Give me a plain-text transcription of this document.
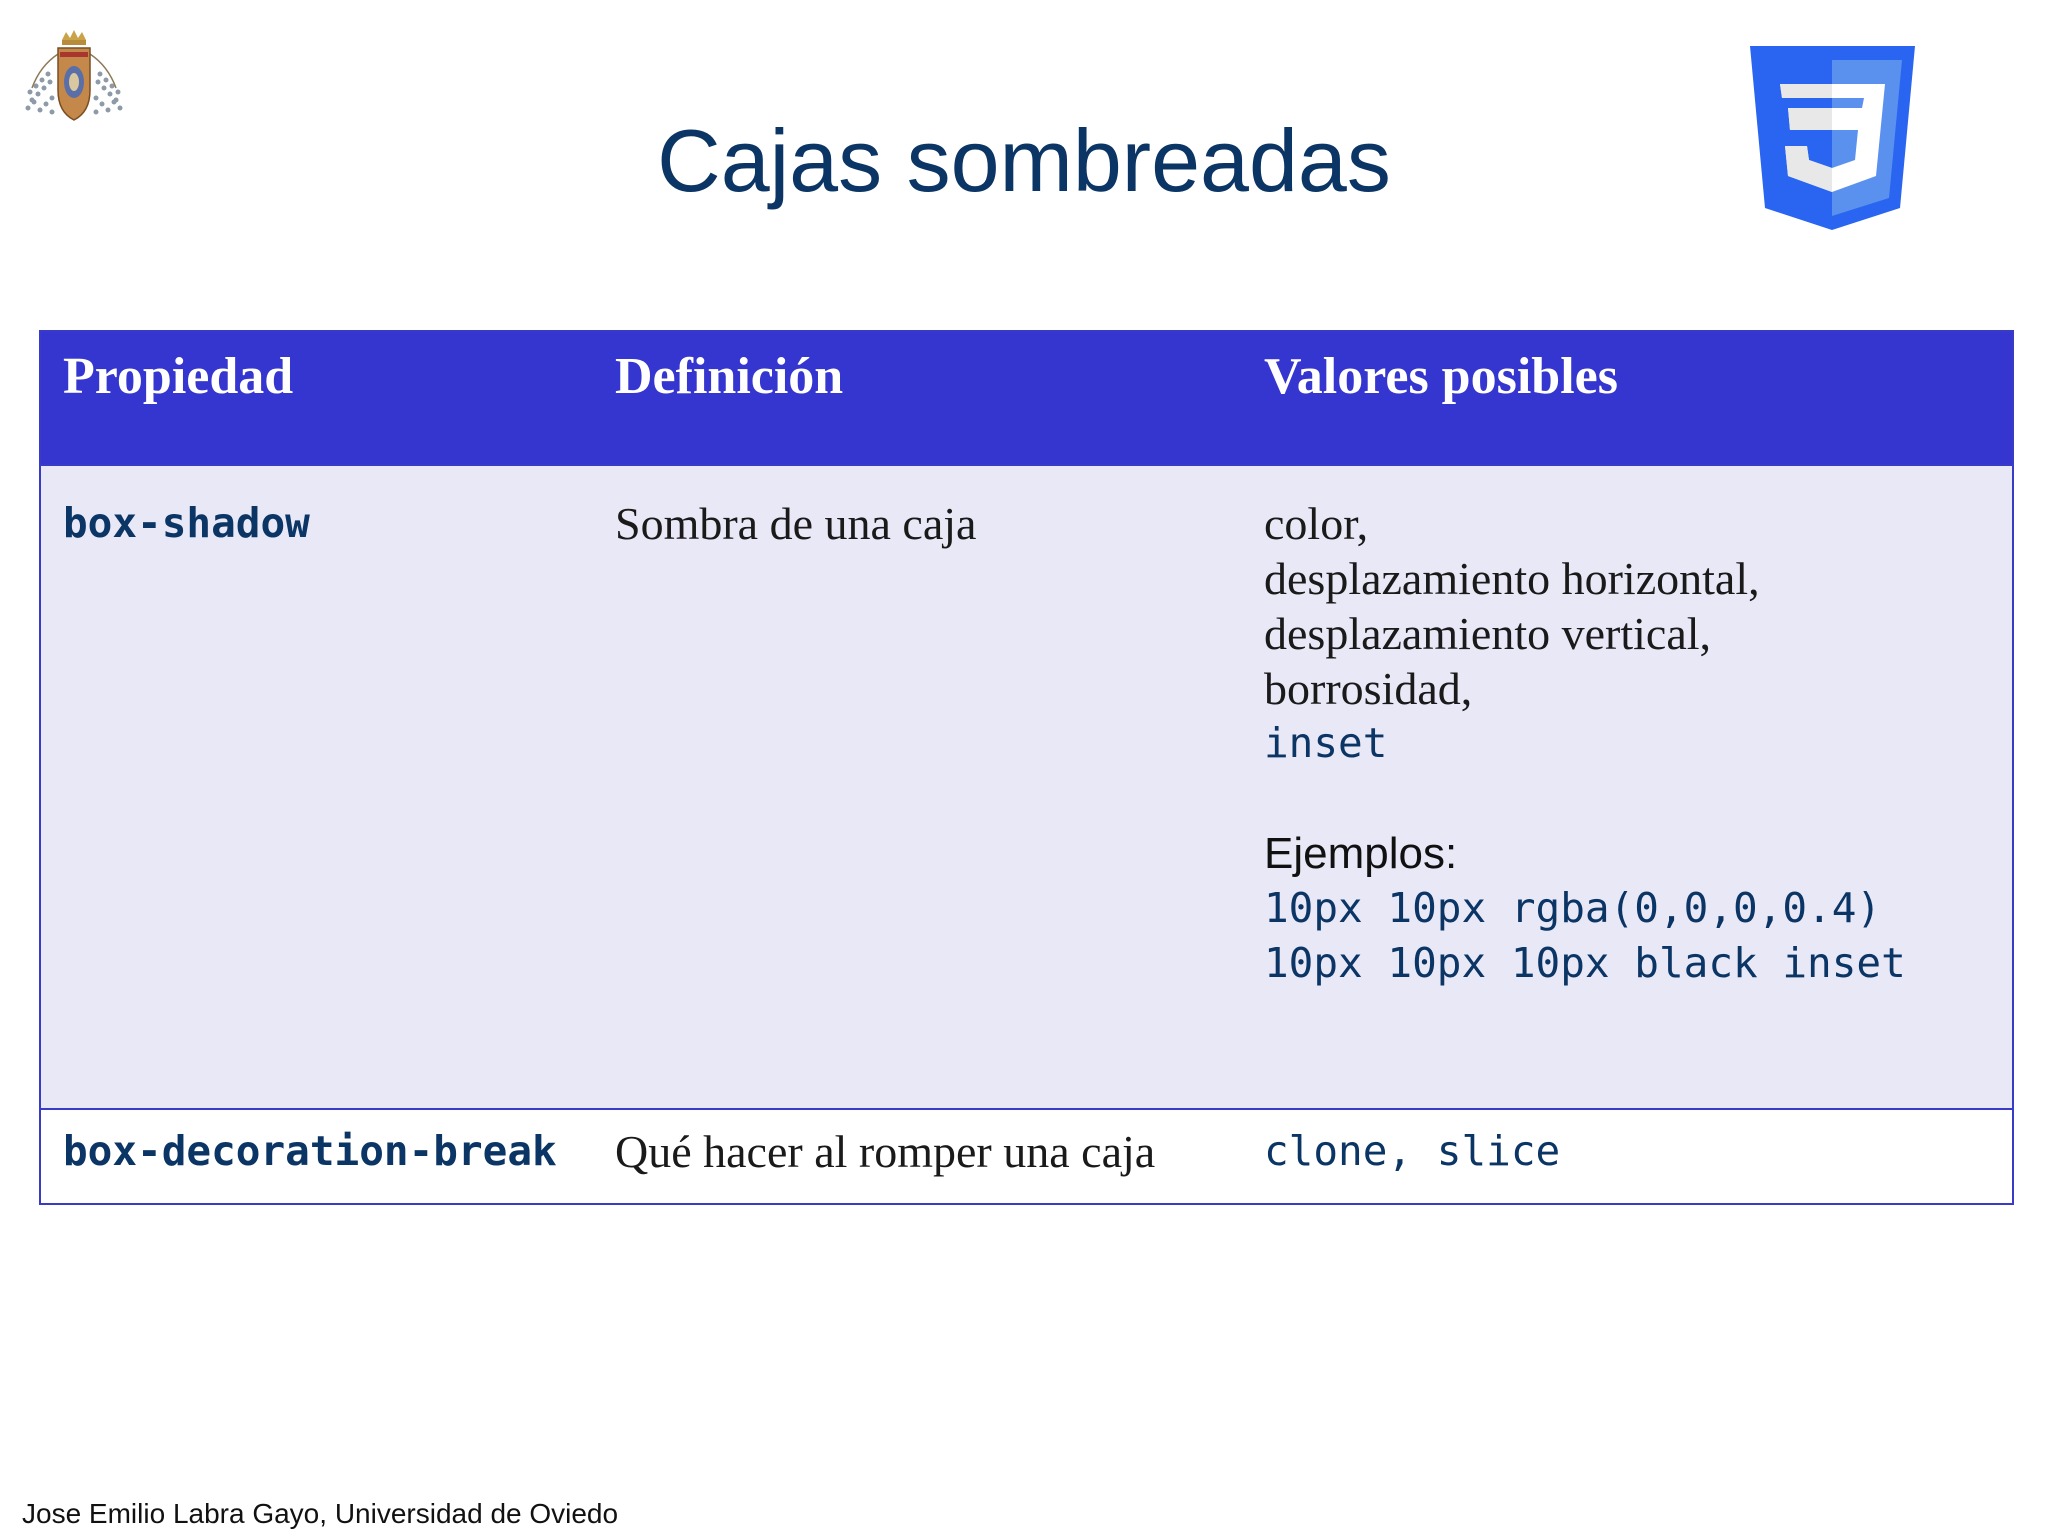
Cajas sombreadas
Propiedad	Definición	Valores posibles
box-shadow	Sombra de una caja	color,
desplazamiento horizontal,
desplazamiento vertical,
borrosidad,
inset
Ejemplos:
10px 10px rgba(0,0,0,0.4)
10px 10px 10px black inset
box-decoration-break	Qué hacer al romper una caja	clone, slice
Jose Emilio Labra Gayo, Universidad de Oviedo
